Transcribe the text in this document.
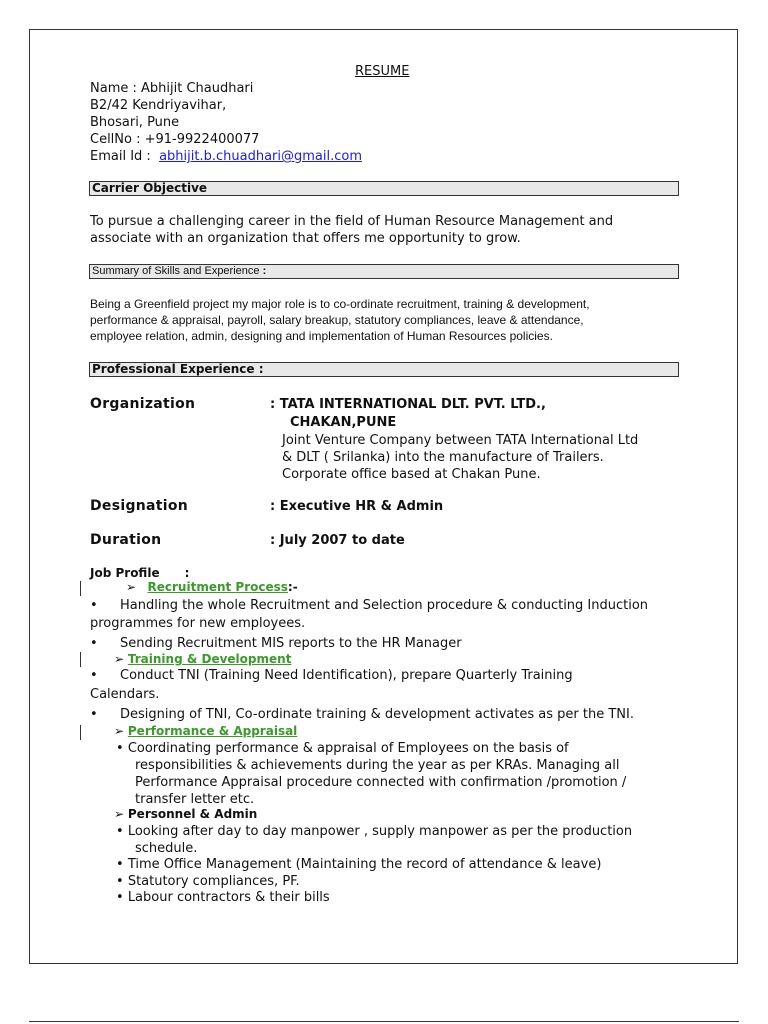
RESUME
Name : Abhijit Chaudhari
B2/42 Kendriyavihar,
Bhosari, Pune
CellNo : +91-9922400077
Email Id : abhijit.b.chuadhari@gmail.com
Carrier Objective
To pursue a challenging career in the field of Human Resource Management and
associate with an organization that offers me opportunity to grow.
Summary of Skills and Experience :
Being a Greenfield project my major role is to co-ordinate recruitment, training & development,
performance & appraisal, payroll, salary breakup, statutory compliances, leave & attendance,
employee relation, admin, designing and implementation of Human Resources policies.
Professional Experience :
Organization	: TATA INTERNATIONAL DLT. PVT. LTD.,
CHAKAN,PUNE
Joint Venture Company between TATA International Ltd
& DLT ( Srilanka) into the manufacture of Trailers.
Corporate office based at Chakan Pune.
Designation	: Executive HR & Admin
Duration	: July 2007 to date
Job Profile      :
➢ Recruitment Process:-
• Handling the whole Recruitment and Selection procedure & conducting Induction
programmes for new employees.
• Sending Recruitment MIS reports to the HR Manager
➢ Training & Development
• Conduct TNI (Training Need Identification), prepare Quarterly Training
Calendars.
• Designing of TNI, Co-ordinate training & development activates as per the TNI.
➢ Performance & Appraisal
• Coordinating performance & appraisal of Employees on the basis of
responsibilities & achievements during the year as per KRAs. Managing all
Performance Appraisal procedure connected with confirmation /promotion /
transfer letter etc.
➢ Personnel & Admin
• Looking after day to day manpower , supply manpower as per the production
schedule.
• Time Office Management (Maintaining the record of attendance & leave)
• Statutory compliances, PF.
• Labour contractors & their bills
